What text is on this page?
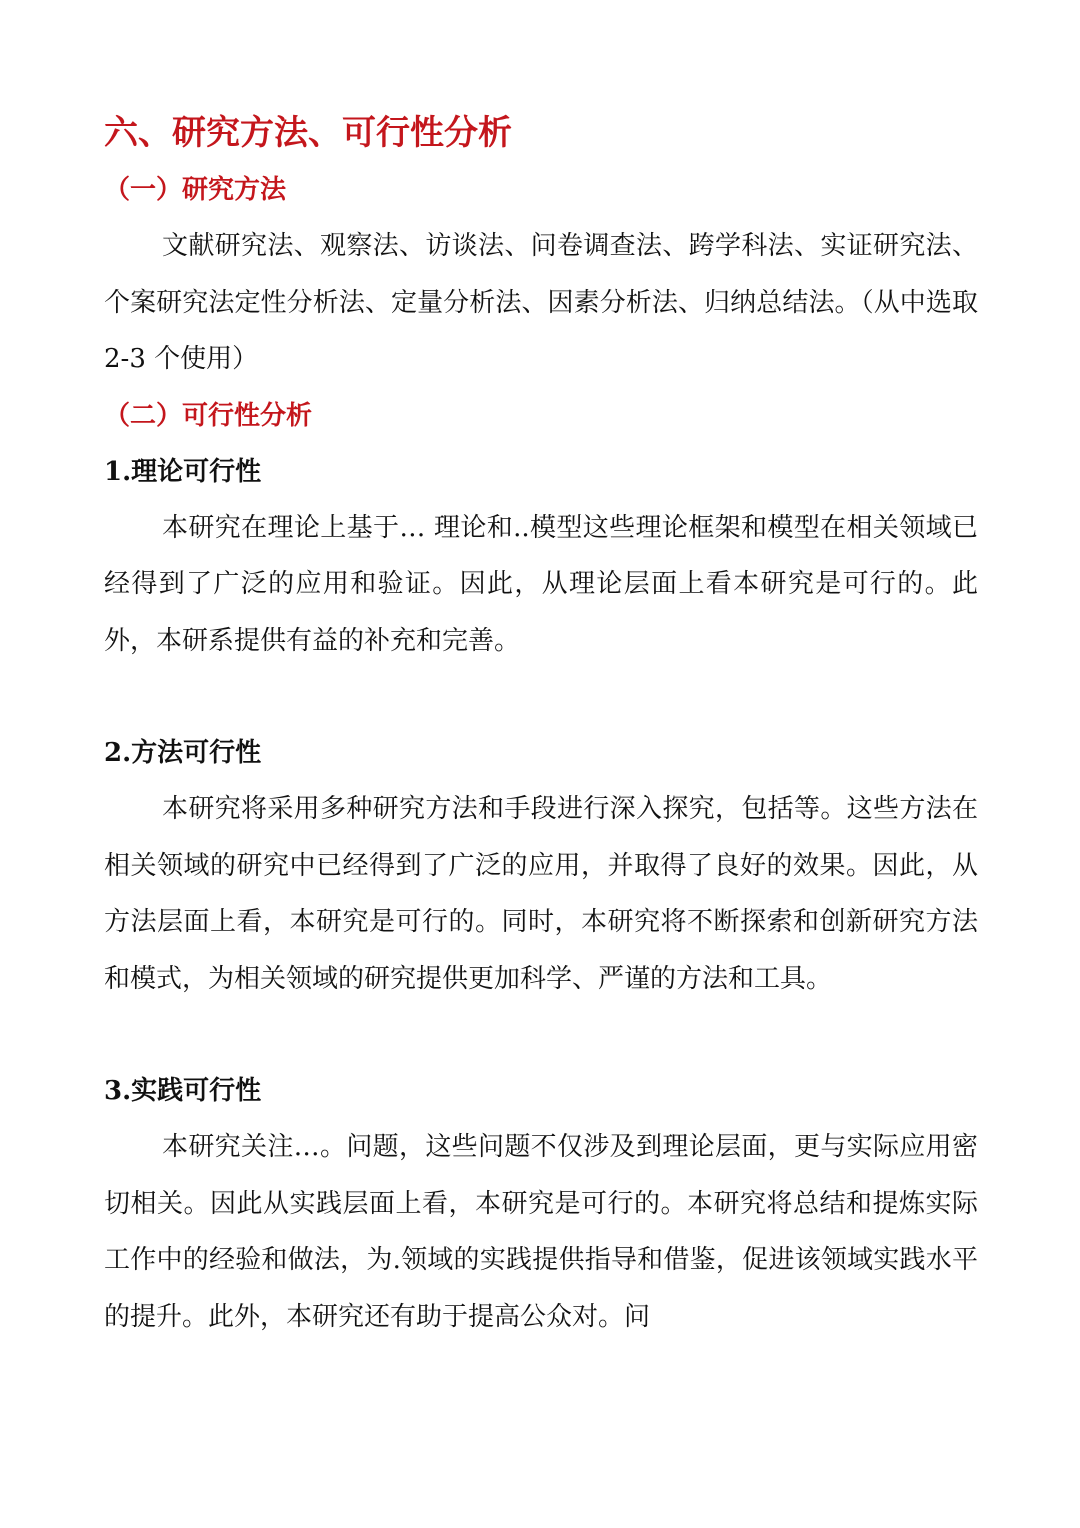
六、研究方法、可行性分析
（一）研究方法

文献研究法、观察法、访谈法、问卷调查法、跨学科法、实证研究法、个案研究法定性分析法、定量分析法、因素分析法、归纳总结法。（从中选取 2-3 个使用）

（二）可行性分析
1.理论可行性

本研究在理论上基于… 理论和..模型这些理论框架和模型在相关领域已经得到了广泛的应用和验证。因此，从理论层面上看本研究是可行的。此外，本研系提供有益的补充和完善。

2.方法可行性

本研究将采用多种研究方法和手段进行深入探究，包括等。这些方法在相关领域的研究中已经得到了广泛的应用，并取得了良好的效果。因此，从方法层面上看，本研究是可行的。同时，本研究将不断探索和创新研究方法和模式，为相关领域的研究提供更加科学、严谨的方法和工具。

3.实践可行性

本研究关注…。问题，这些问题不仅涉及到理论层面，更与实际应用密切相关。因此从实践层面上看，本研究是可行的。本研究将总结和提炼实际工作中的经验和做法，为.领域的实践提供指导和借鉴，促进该领域实践水平的提升。此外，本研究还有助于提高公众对。问
